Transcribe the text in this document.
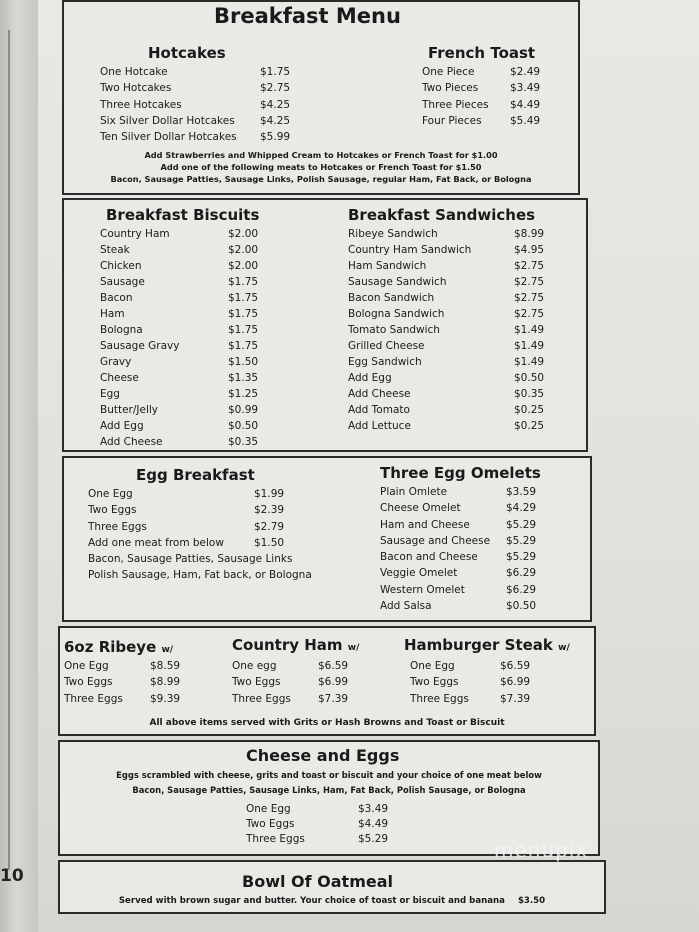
10
Breakfast Menu
Hotcakes
One Hotcake	$1.75
Two Hotcakes	$2.75
Three Hotcakes	$4.25
Six Silver Dollar Hotcakes $4.25
Ten Silver Dollar Hotcakes $5.99
French Toast
One Piece	$2.49
Two Pieces	$3.49
Three Pieces $4.49
Four Pieces	$5.49
Add Strawberries and Whipped Cream to Hotcakes or French Toast for $1.00
Add one of the following meats to Hotcakes or French Toast for $1.50
Bacon, Sausage Patties, Sausage Links, Polish Sausage, regular Ham, Fat Back, or Bologna
Breakfast Biscuits
Country Ham	$2.00
Steak	$2.00
Chicken	$2.00
Sausage	$1.75
Bacon	$1.75
Ham	$1.75
Bologna	$1.75
Sausage Gravy	$1.75
Gravy	$1.50
Cheese	$1.35
Egg	$1.25
Butter/Jelly	$0.99
Add Egg	$0.50
Add Cheese	$0.35
Breakfast Sandwiches
Ribeye Sandwich	$8.99
Country Ham Sandwich	$4.95
Ham Sandwich	$2.75
Sausage Sandwich	$2.75
Bacon Sandwich	$2.75
Bologna Sandwich	$2.75
Tomato Sandwich	$1.49
Grilled Cheese	$1.49
Egg Sandwich	$1.49
Add Egg	$0.50
Add Cheese	$0.35
Add Tomato	$0.25
Add Lettuce	$0.25
Egg Breakfast
One Egg	$1.99
Two Eggs	$2.39
Three Eggs	$2.79
Add one meat from below	$1.50
Bacon, Sausage Patties, Sausage Links
Polish Sausage, Ham, Fat back, or Bologna
Three Egg Omelets
Plain Omlete	$3.59
Cheese Omelet	$4.29
Ham and Cheese	$5.29
Sausage and Cheese $5.29
Bacon and Cheese	$5.29
Veggie Omelet	$6.29
Western Omelet	$6.29
Add Salsa	$0.50
6oz Ribeye w/
One Egg	$8.59
Two Eggs	$8.99
Three Eggs	$9.39
Country Ham w/
One egg	$6.59
Two Eggs	$6.99
Three Eggs	$7.39
Hamburger Steak w/
One Egg	$6.59
Two Eggs	$6.99
Three Eggs	$7.39
All above items served with Grits or Hash Browns and Toast or Biscuit
Cheese and Eggs
Eggs scrambled with cheese, grits and toast or biscuit and your choice of one meat below
Bacon, Sausage Patties, Sausage Links, Ham, Fat Back, Polish Sausage, or Bologna
One Egg	$3.49
Two Eggs	$4.49
Three Eggs	$5.29
Bowl Of Oatmeal
Served with brown sugar and butter. Your choice of toast or biscuit and banana $3.50
menupix
